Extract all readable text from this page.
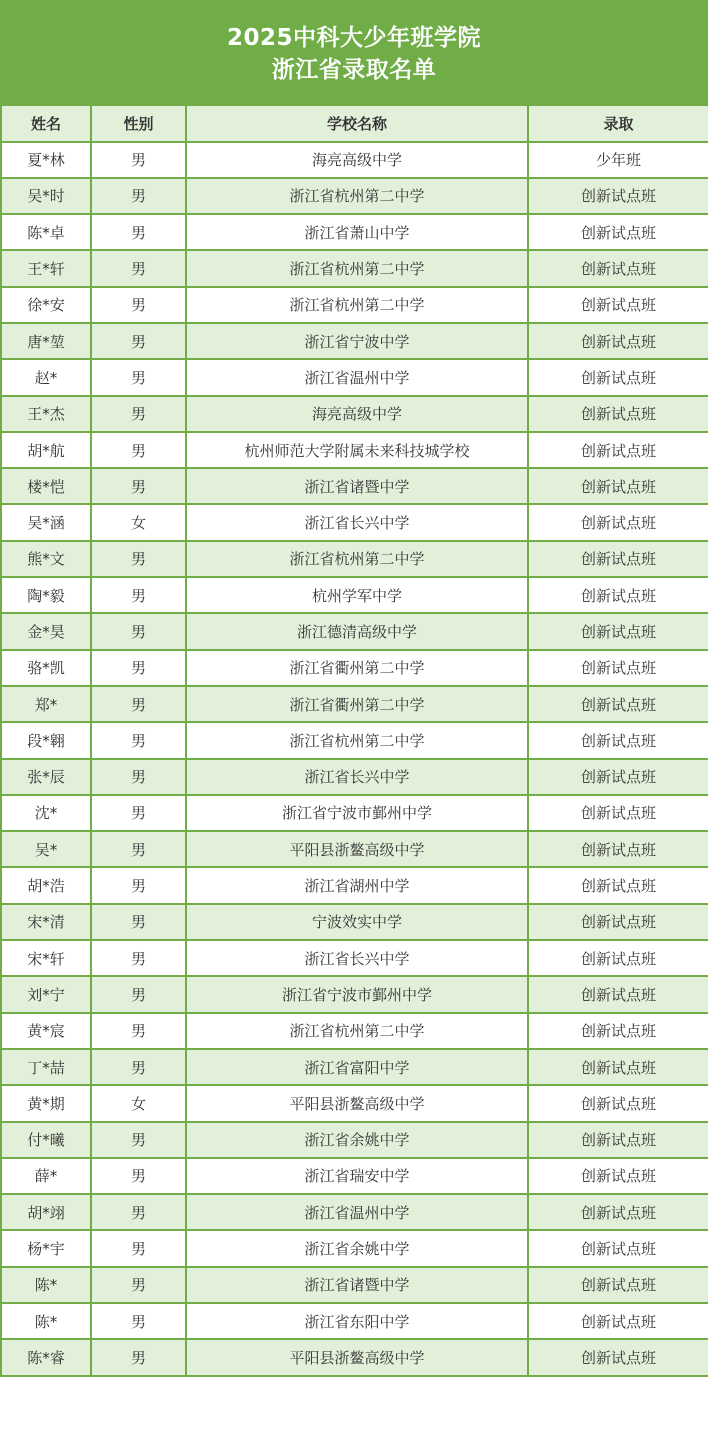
2025中科大少年班学院
浙江省录取名单
姓名	性别	学校名称	录取
夏*林	男	海亮高级中学	少年班
吴*时	男	浙江省杭州第二中学	创新试点班
陈*卓	男	浙江省萧山中学	创新试点班
王*轩	男	浙江省杭州第二中学	创新试点班
徐*安	男	浙江省杭州第二中学	创新试点班
唐*堃	男	浙江省宁波中学	创新试点班
赵*	男	浙江省温州中学	创新试点班
王*杰	男	海亮高级中学	创新试点班
胡*航	男	杭州师范大学附属未来科技城学校	创新试点班
楼*恺	男	浙江省诸暨中学	创新试点班
吴*涵	女	浙江省长兴中学	创新试点班
熊*文	男	浙江省杭州第二中学	创新试点班
陶*毅	男	杭州学军中学	创新试点班
金*昊	男	浙江德清高级中学	创新试点班
骆*凯	男	浙江省衢州第二中学	创新试点班
郑*	男	浙江省衢州第二中学	创新试点班
段*翱	男	浙江省杭州第二中学	创新试点班
张*辰	男	浙江省长兴中学	创新试点班
沈*	男	浙江省宁波市鄞州中学	创新试点班
吴*	男	平阳县浙鳌高级中学	创新试点班
胡*浩	男	浙江省湖州中学	创新试点班
宋*清	男	宁波效实中学	创新试点班
宋*轩	男	浙江省长兴中学	创新试点班
刘*宁	男	浙江省宁波市鄞州中学	创新试点班
黄*宸	男	浙江省杭州第二中学	创新试点班
丁*喆	男	浙江省富阳中学	创新试点班
黄*期	女	平阳县浙鳌高级中学	创新试点班
付*曦	男	浙江省余姚中学	创新试点班
薛*	男	浙江省瑞安中学	创新试点班
胡*翊	男	浙江省温州中学	创新试点班
杨*宇	男	浙江省余姚中学	创新试点班
陈*	男	浙江省诸暨中学	创新试点班
陈*	男	浙江省东阳中学	创新试点班
陈*睿	男	平阳县浙鳌高级中学	创新试点班
